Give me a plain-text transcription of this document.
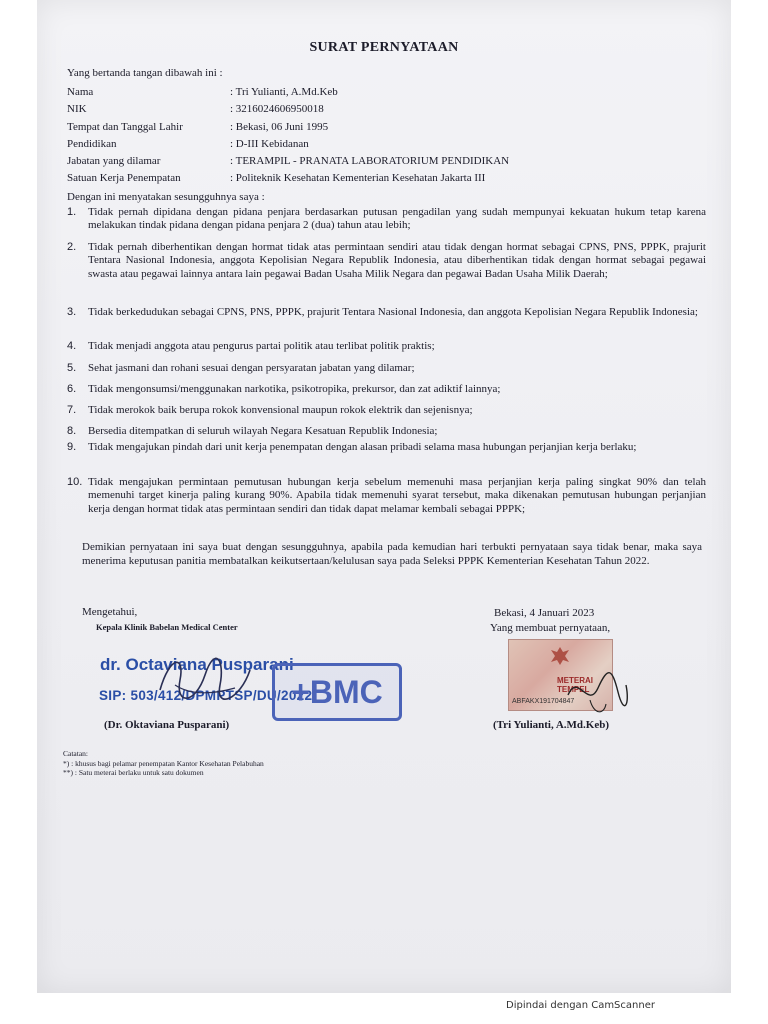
SURAT PERNYATAAN
Yang bertanda tangan dibawah ini :
Nama	: Tri Yulianti, A.Md.Keb
NIK	: 3216024606950018
Tempat dan Tanggal Lahir	: Bekasi, 06 Juni 1995
Pendidikan	: D-III Kebidanan
Jabatan yang dilamar	: TERAMPIL - PRANATA LABORATORIUM PENDIDIKAN
Satuan Kerja Penempatan	: Politeknik Kesehatan Kementerian Kesehatan Jakarta III
Dengan ini menyatakan sesungguhnya saya :
1.	Tidak pernah dipidana dengan pidana penjara berdasarkan putusan pengadilan yang sudah mempunyai kekuatan hukum tetap karena melakukan tindak pidana dengan pidana penjara 2 (dua) tahun atau lebih;
2.	Tidak pernah diberhentikan dengan hormat tidak atas permintaan sendiri atau tidak dengan hormat sebagai CPNS, PNS, PPPK, prajurit Tentara Nasional Indonesia, anggota Kepolisian Negara Republik Indonesia, atau diberhentikan tidak dengan hormat sebagai pegawai swasta atau pegawai lainnya antara lain pegawai Badan Usaha Milik Negara dan pegawai Badan Usaha Milik Daerah;
3.	Tidak berkedudukan sebagai CPNS, PNS, PPPK, prajurit Tentara Nasional Indonesia, dan anggota Kepolisian Negara Republik Indonesia;
4.	Tidak menjadi anggota atau pengurus partai politik atau terlibat politik praktis;
5.	Sehat jasmani dan rohani sesuai dengan persyaratan jabatan yang dilamar;
6.	Tidak mengonsumsi/menggunakan narkotika, psikotropika, prekursor, dan zat adiktif lainnya;
7.	Tidak merokok baik berupa rokok konvensional maupun rokok elektrik dan sejenisnya;
8.	Bersedia ditempatkan di seluruh wilayah Negara Kesatuan Republik Indonesia;
9.	Tidak mengajukan pindah dari unit kerja penempatan dengan alasan pribadi selama masa hubungan perjanjian kerja berlaku;
10. Tidak mengajukan permintaan pemutusan hubungan kerja sebelum memenuhi masa perjanjian kerja paling singkat 90% dan telah memenuhi target kinerja paling kurang 90%. Apabila tidak memenuhi syarat tersebut, maka dikenakan pemutusan hubungan perjanjian kerja dengan hormat tidak atas permintaan sendiri dan tidak dapat melamar kembali sebagai PPPK;
Demikian pernyataan ini saya buat dengan sesungguhnya, apabila pada kemudian hari terbukti pernyataan saya tidak benar, maka saya menerima keputusan panitia membatalkan keikutsertaan/kelulusan saya pada Seleksi PPPK Kementerian Kesehatan Tahun 2022.
Mengetahui,
Kepala Klinik Babelan Medical Center
dr. Octaviana Pusparani
SIP: 503/412/DPMPTSP/DU/2022
+BMC
(Dr. Oktaviana Pusparani)
Bekasi, 4 Januari 2023
Yang membuat pernyataan,
METERAI TEMPEL
ABFAKX191704847
(Tri Yulianti, A.Md.Keb)
Catatan:
*) : khusus bagi pelamar penempatan Kantor Kesehatan Pelabuhan
**) : Satu meterai berlaku untuk satu dokumen
Dipindai dengan CamScanner
